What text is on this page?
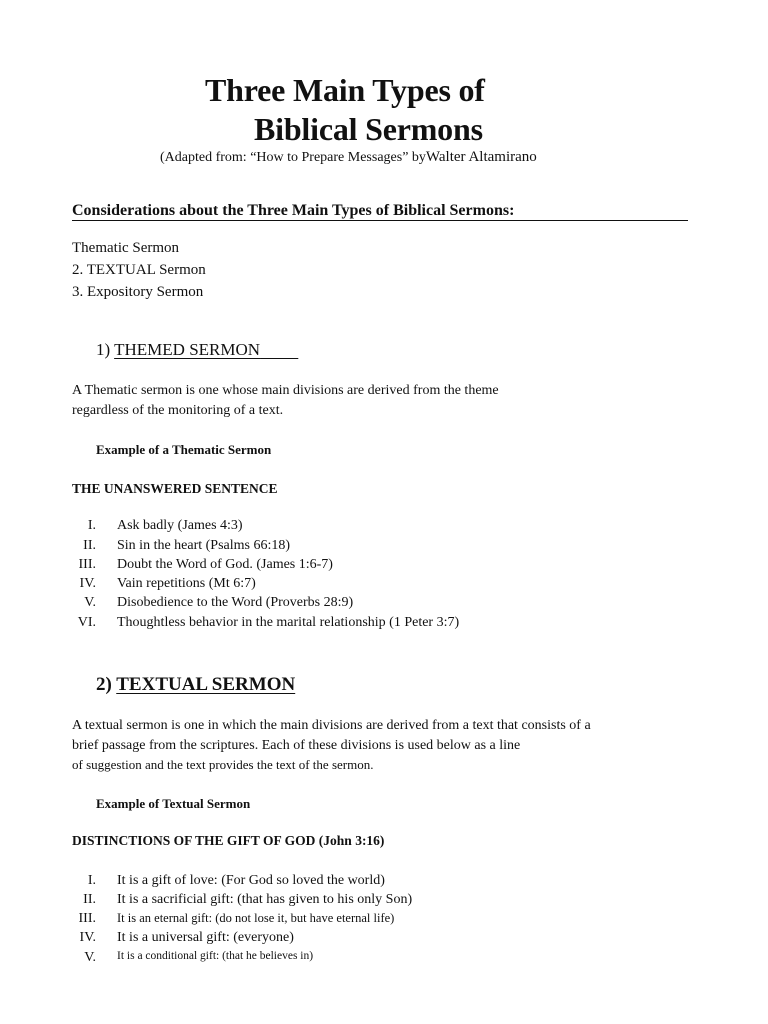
Three Main Types of
Biblical Sermons
(Adapted from: “How to Prepare Messages” byWalter Altamirano
Considerations about the Three Main Types of Biblical Sermons:
Thematic Sermon
2. TEXTUAL Sermon
3. Expository Sermon
1) THEMED SERMON
A Thematic sermon is one whose main divisions are derived from the theme
regardless of the monitoring of a text.
Example of a Thematic Sermon
THE UNANSWERED SENTENCE
I. Ask badly (James 4:3)
II. Sin in the heart (Psalms 66:18)
III. Doubt the Word of God. (James 1:6-7)
IV. Vain repetitions (Mt 6:7)
V. Disobedience to the Word (Proverbs 28:9)
VI. Thoughtless behavior in the marital relationship (1 Peter 3:7)
2) TEXTUAL SERMON
A textual sermon is one in which the main divisions are derived from a text that consists of a
brief passage from the scriptures. Each of these divisions is used below as a line
of suggestion and the text provides the text of the sermon.
Example of Textual Sermon
DISTINCTIONS OF THE GIFT OF GOD (John 3:16)
I. It is a gift of love: (For God so loved the world)
II. It is a sacrificial gift: (that has given to his only Son)
III. It is an eternal gift: (do not lose it, but have eternal life)
IV. It is a universal gift: (everyone)
V. It is a conditional gift: (that he believes in)
